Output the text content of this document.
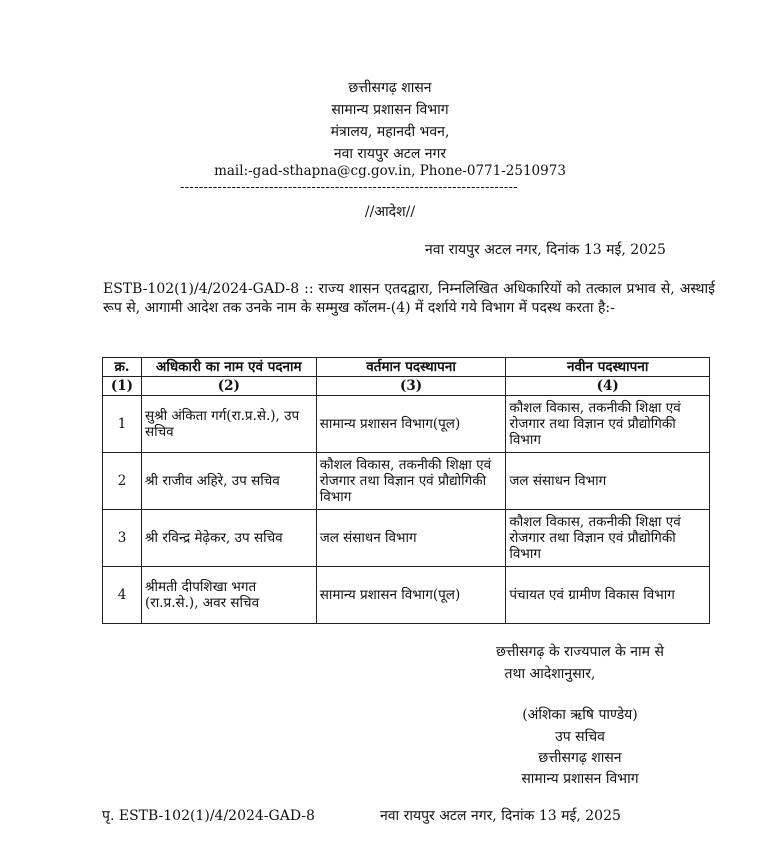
छत्तीसगढ़ शासन
सामान्य प्रशासन विभाग
मंत्रालय, महानदी भवन,
नवा रायपुर अटल नगर
mail:-gad-sthapna@cg.gov.in, Phone-0771-2510973
------------------------------------------------------------------------
//आदेश//
नवा रायपुर अटल नगर, दिनांक 13 मई, 2025
ESTB-102(1)/4/2024-GAD-8 :: राज्य शासन एतदद्वारा, निम्नलिखित अधिकारियों को तत्काल प्रभाव से, अस्थाई रूप से, आगामी आदेश तक उनके नाम के सम्मुख कॉलम-(4) में दर्शाये गये विभाग में पदस्थ करता है:-
क्र.	अधिकारी का नाम एवं पदनाम	वर्तमान पदस्थापना	नवीन पदस्थापना
(1)	(2)	(3)	(4)
1	सुश्री अंकिता गर्ग(रा.प्र.से.), उप सचिव	सामान्य प्रशासन विभाग(पूल)	कौशल विकास, तकनीकी शिक्षा एवं रोजगार तथा विज्ञान एवं प्रौद्योगिकी विभाग
2	श्री राजीव अहिरे, उप सचिव	कौशल विकास, तकनीकी शिक्षा एवं रोजगार तथा विज्ञान एवं प्रौद्योगिकी विभाग	जल संसाधन विभाग
3	श्री रविन्द्र मेढ़ेकर, उप सचिव	जल संसाधन विभाग	कौशल विकास, तकनीकी शिक्षा एवं रोजगार तथा विज्ञान एवं प्रौद्योगिकी विभाग
4	श्रीमती दीपशिखा भगत (रा.प्र.से.), अवर सचिव	सामान्य प्रशासन विभाग(पूल)	पंचायत एवं ग्रामीण विकास विभाग
छत्तीसगढ़ के राज्यपाल के नाम से
तथा आदेशानुसार,
(अंशिका ऋषि पाण्डेय)
उप सचिव
छत्तीसगढ़ शासन
सामान्य प्रशासन विभाग
पृ. ESTB-102(1)/4/2024-GAD-8	नवा रायपुर अटल नगर, दिनांक 13 मई, 2025
